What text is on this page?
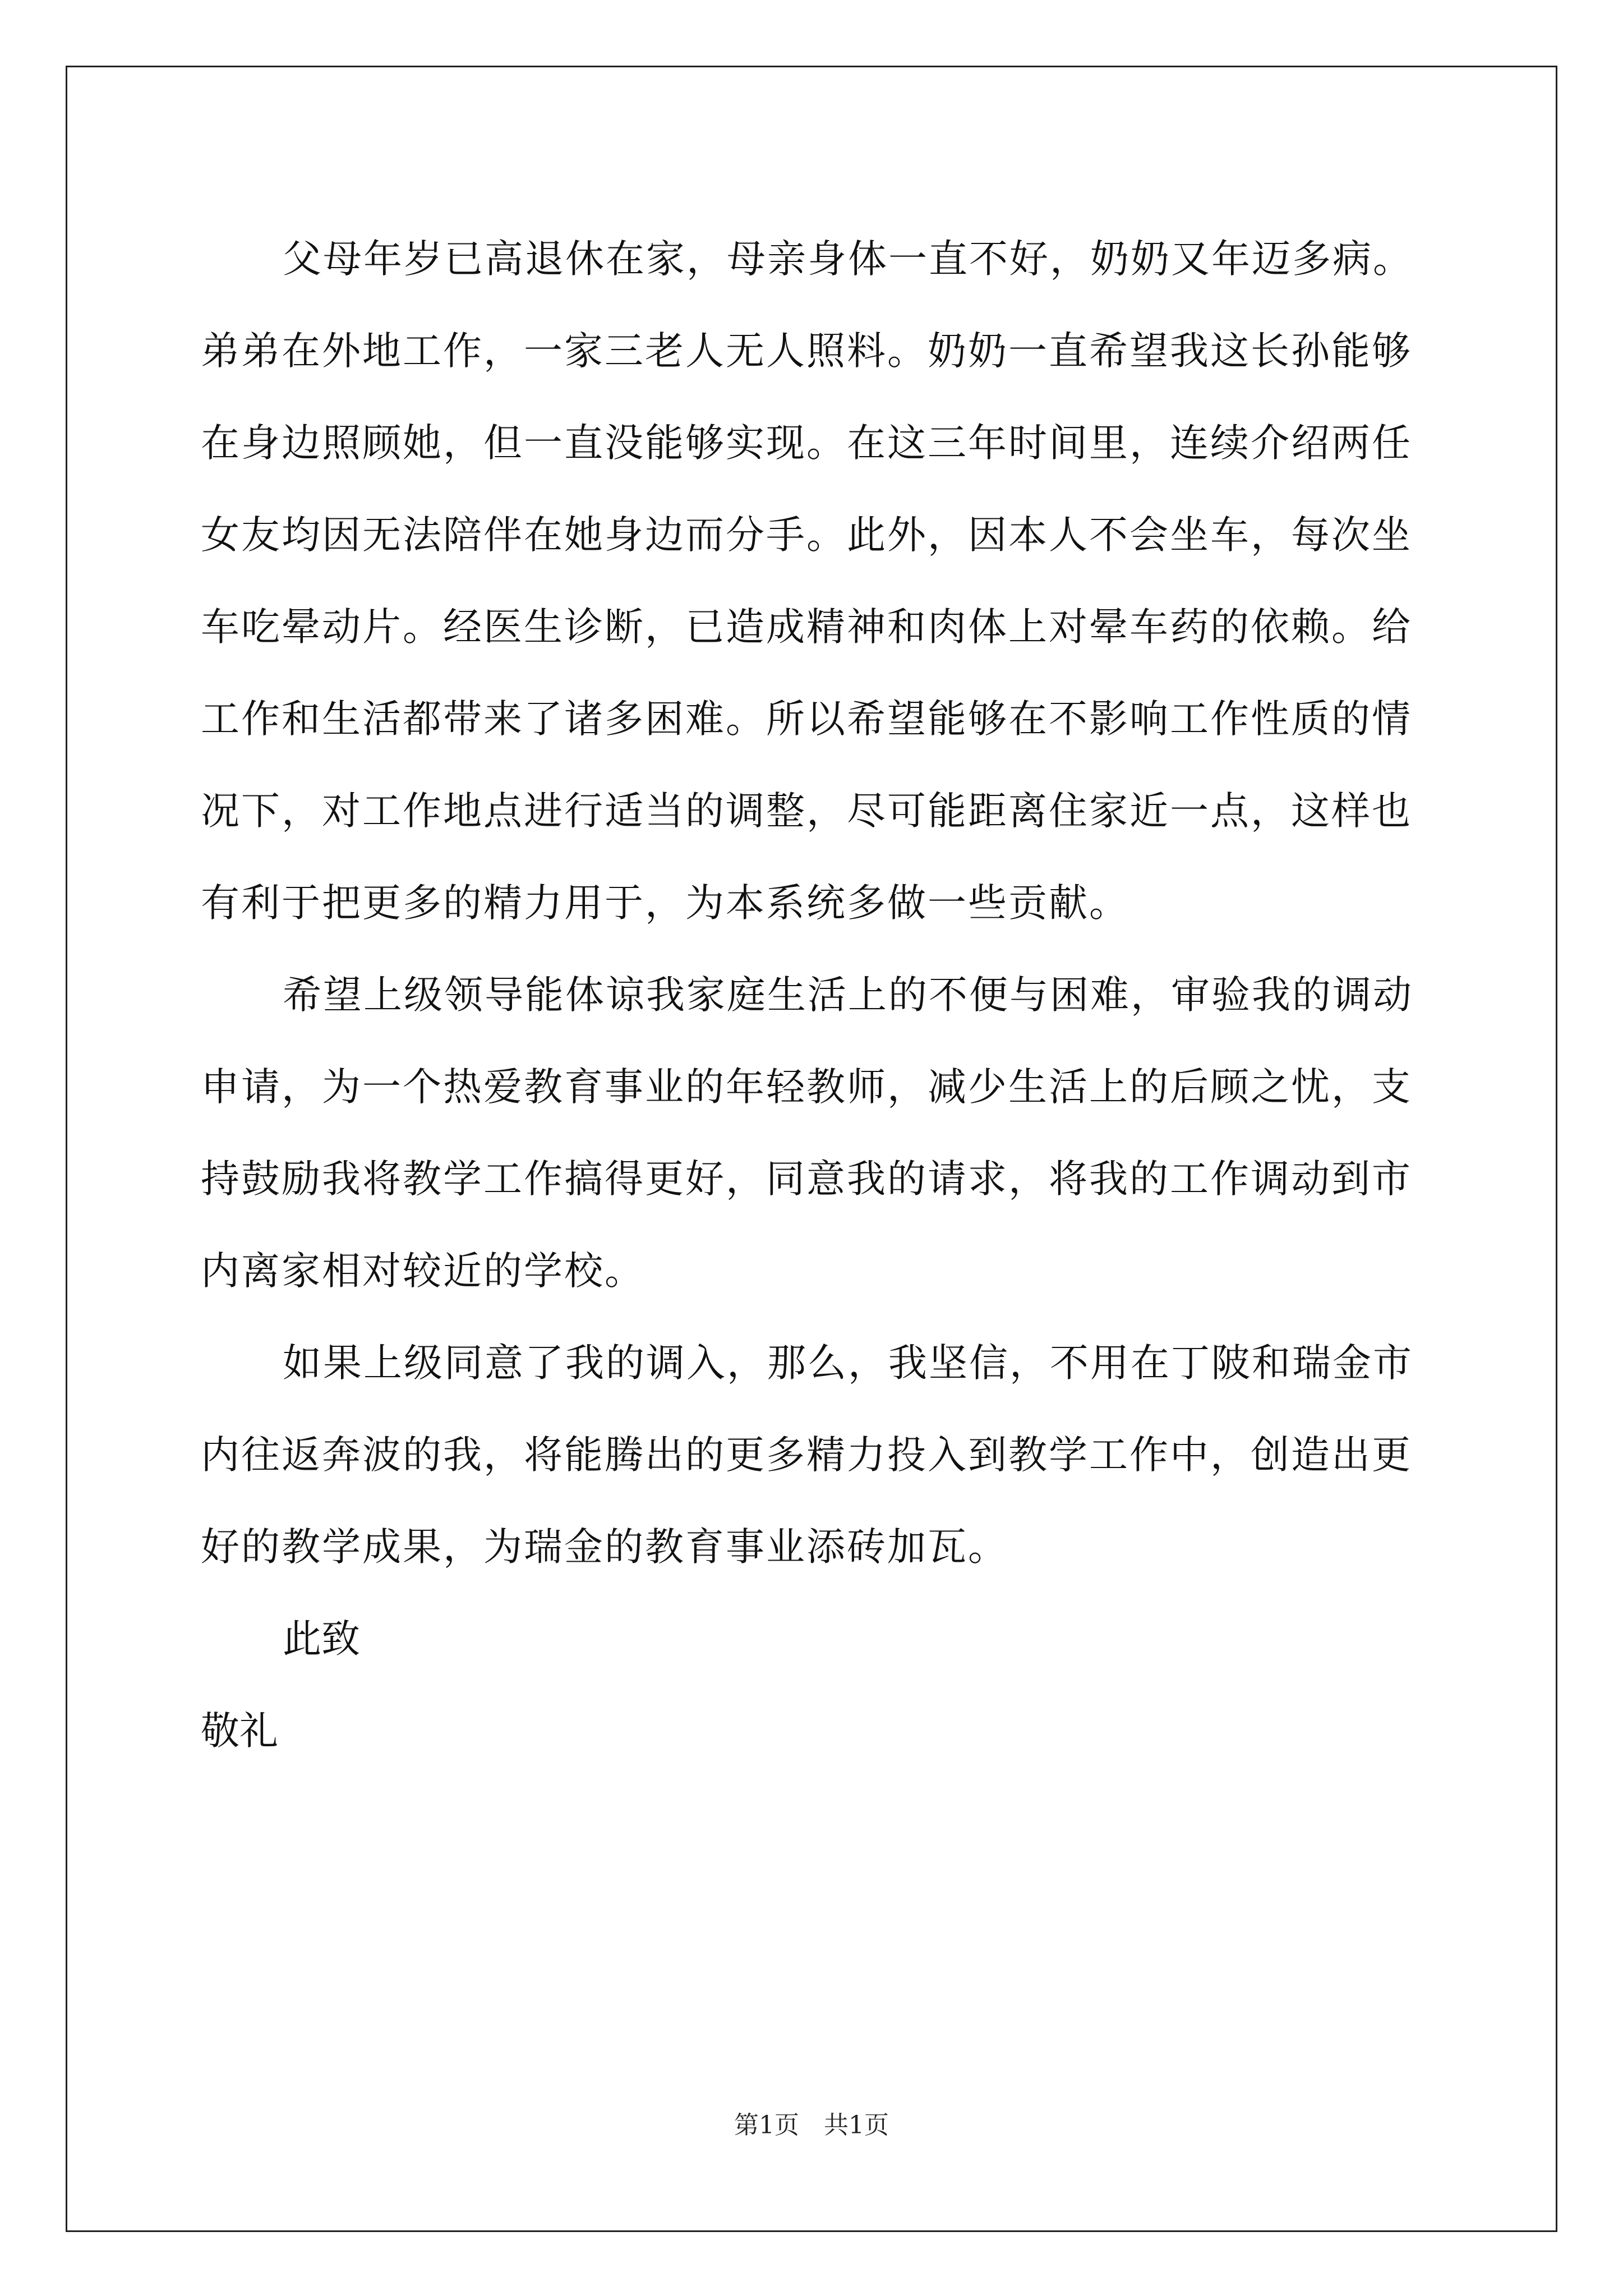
父母年岁已高退休在家，母亲身体一直不好，奶奶又年迈多病。弟弟在外地工作，一家三老人无人照料。奶奶一直希望我这长孙能够在身边照顾她，但一直没能够实现。在这三年时间里，连续介绍两任女友均因无法陪伴在她身边而分手。此外，因本人不会坐车，每次坐车吃晕动片。经医生诊断，已造成精神和肉体上对晕车药的依赖。给工作和生活都带来了诸多困难。所以希望能够在不影响工作性质的情况下，对工作地点进行适当的调整，尽可能距离住家近一点，这样也有利于把更多的精力用于，为本系统多做一些贡献。

希望上级领导能体谅我家庭生活上的不便与困难，审验我的调动申请，为一个热爱教育事业的年轻教师，减少生活上的后顾之忧，支持鼓励我将教学工作搞得更好，同意我的请求，将我的工作调动到市内离家相对较近的学校。

如果上级同意了我的调入，那么，我坚信，不用在丁陂和瑞金市内往返奔波的我，将能腾出的更多精力投入到教学工作中，创造出更好的教学成果，为瑞金的教育事业添砖加瓦。

此致

敬礼

第1页　共1页
